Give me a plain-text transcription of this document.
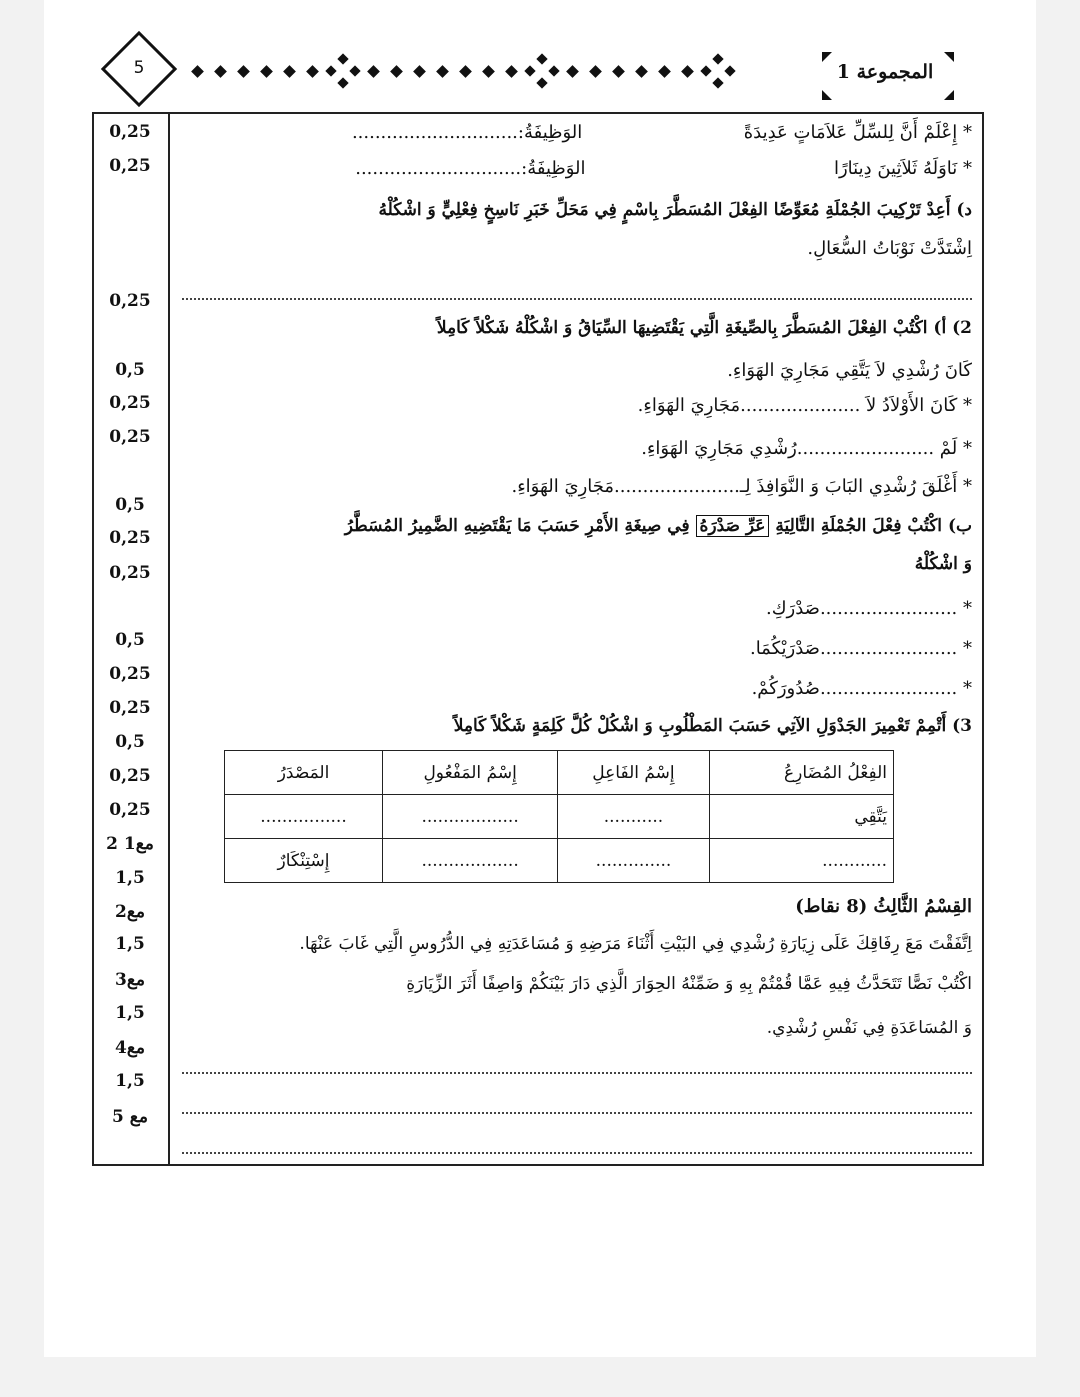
5	المجموعة 1
0,25
0,25
0,25
0,5
0,25
0,25
0,5
0,25
0,25
0,5
0,25
0,25
0,5
0,25
0,25
2 مع1
1,5
مع2
1,5
مع3
1,5
مع4
1,5
مع 5
* إِعْلَمْ أَنَّ لِلسِّلِّ عَلاَمَاتٍ عَدِيدَةً  الوَظِيفَةُ:.............................
* نَاوَلَهُ ثَلاَثِينَ دِينَارًا  الوَظِيفَةُ:.............................
د) أَعِدْ تَرْكِيبَ الجُمْلَةِ مُعَوِّضًا الفِعْلَ المُسَطَّرَ بِاسْمٍ فِي مَحَلِّ خَبَرِ نَاسِخٍ فِعْلِيٍّ وَ اشْكُلْهُ
اِشْتَدَّتْ نَوْبَاتُ السُّعَالِ.
2) أ) اكْتُبْ الفِعْلَ المُسَطَّرَ بِالصِّيغَةِ الَّتِي يَقْتَضِيهَا السِّيَاقُ وَ اشْكُلْهُ شَكْلاً كَامِلاً
كَانَ رُشْدِي لاَ يَتَّقِي مَجَارِيَ الهَوَاءِ.
* كَانَ الأَوْلاَدُ لاَ .....................مَجَارِيَ الهَوَاءِ.
* لَمْ ........................رُشْدِي مَجَارِيَ الهَوَاءِ.
* أَغْلَقَ رُشْدِي البَابَ وَ النَّوَافِذَ لِـ......................مَجَارِيَ الهَوَاءِ.
ب) اكْتُبْ فِعْلَ الجُمْلَةِ التَّالِيَةِ عَرِّ صَدْرَهُ فِي صِيغَةِ الأَمْرِ حَسَبَ مَا يَقْتَضِيهِ الضَّمِيرُ المُسَطَّرُ
وَ اشْكُلْهُ
* ........................صَدْرَكِ.
* ........................صَدْرَيْكُمَا.
* ........................صُدُورَكُمْ.
3) أَتْمِمْ تَعْمِيرَ الجَدْوَلِ الآتِي حَسَبَ المَطْلُوبِ وَ اشْكُلْ كُلَّ كَلِمَةٍ شَكْلاً كَامِلاً
الفِعْلُ المُضَارِعُ	إِسْمُ الفَاعِلِ	إِسْمُ المَفْعُولِ	المَصْدَرُ
يَتَّقِي	...........	..................	................
............	..............	..................	إِسْتِنْكَارٌ
القِسْمُ الثَّالِثُ (8 نقاط)
اِتَّفَقْتَ مَعَ رِفَاقِكَ عَلَى زِيَارَةِ رُشْدِي فِي البَيْتِ أَثْنَاءَ مَرَضِهِ وَ مُسَاعَدَتِهِ فِي الدُّرُوسِ الَّتِي غَابَ عَنْهَا.
اكْتُبْ نَصًّا تَتَحَدَّثُ فِيهِ عَمَّا قُمْتُمْ بِهِ وَ ضَمِّنْهُ الحِوَارَ الَّذِي دَارَ بَيْنَكُمْ وَاصِفًا أَثَرَ الزِّيَارَةِ
وَ المُسَاعَدَةِ فِي نَفْسِ رُشْدِي.
